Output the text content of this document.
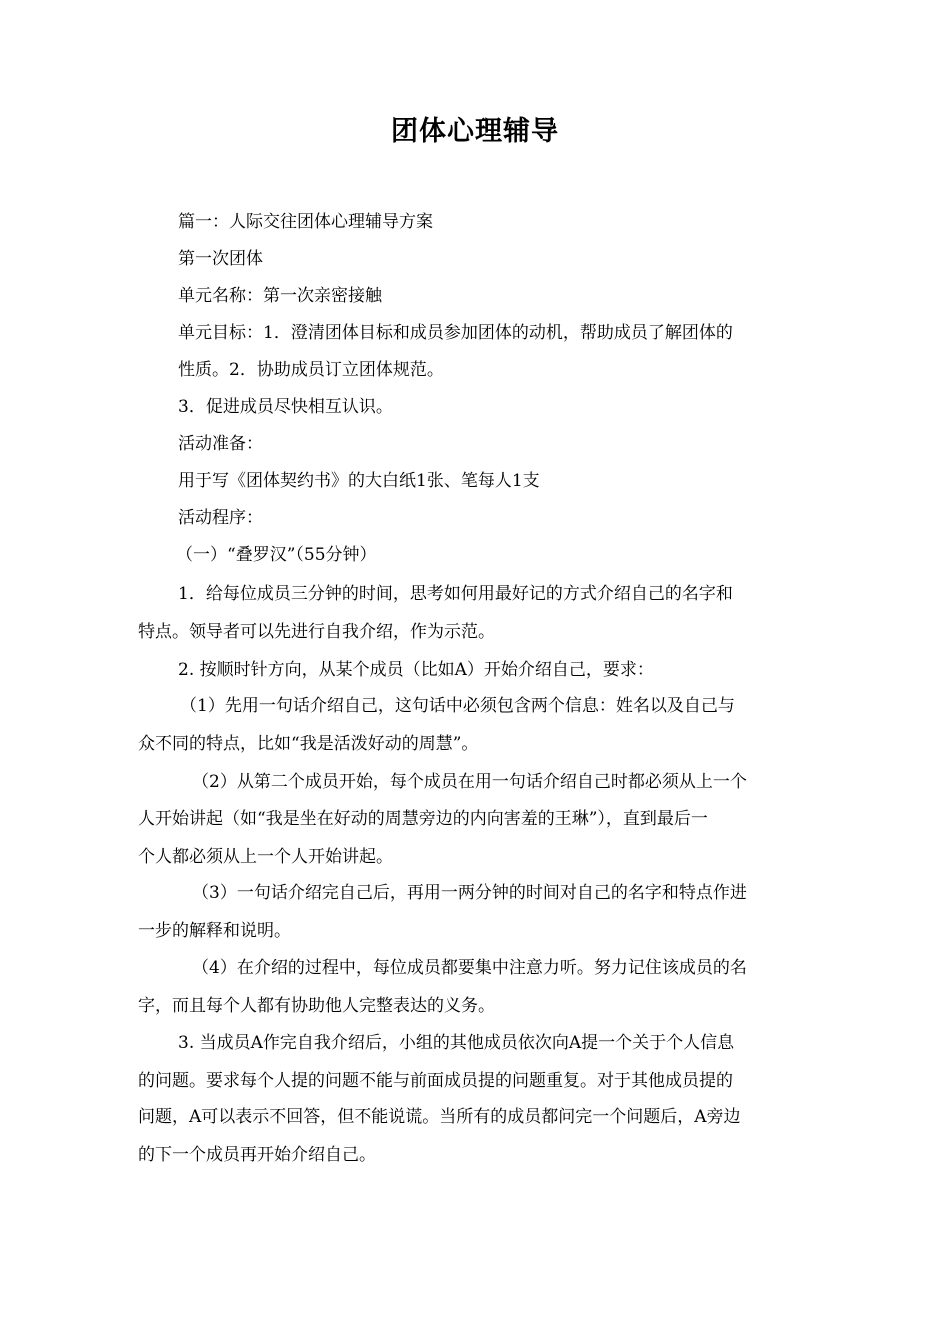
团体心理辅导
篇一：人际交往团体心理辅导方案
第一次团体
单元名称：第一次亲密接触
单元目标：1．澄清团体目标和成员参加团体的动机，帮助成员了解团体的
性质。2．协助成员订立团体规范。
3．促进成员尽快相互认识。
活动准备：
用于写《团体契约书》的大白纸1张、笔每人1支
活动程序：
（一）“叠罗汉”（55分钟）
1．给每位成员三分钟的时间，思考如何用最好记的方式介绍自己的名字和
特点。领导者可以先进行自我介绍，作为示范。
2. 按顺时针方向，从某个成员（比如A）开始介绍自己，要求：
（1）先用一句话介绍自己，这句话中必须包含两个信息：姓名以及自己与
众不同的特点，比如“我是活泼好动的周慧”。
（2）从第二个成员开始，每个成员在用一句话介绍自己时都必须从上一个
人开始讲起（如“我是坐在好动的周慧旁边的内向害羞的王琳”），直到最后一
个人都必须从上一个人开始讲起。
（3）一句话介绍完自己后，再用一两分钟的时间对自己的名字和特点作进
一步的解释和说明。
（4）在介绍的过程中，每位成员都要集中注意力听。努力记住该成员的名
字，而且每个人都有协助他人完整表达的义务。
3. 当成员A作完自我介绍后，小组的其他成员依次向A提一个关于个人信息
的问题。要求每个人提的问题不能与前面成员提的问题重复。对于其他成员提的
问题，A可以表示不回答，但不能说谎。当所有的成员都问完一个问题后，A旁边
的下一个成员再开始介绍自己。
